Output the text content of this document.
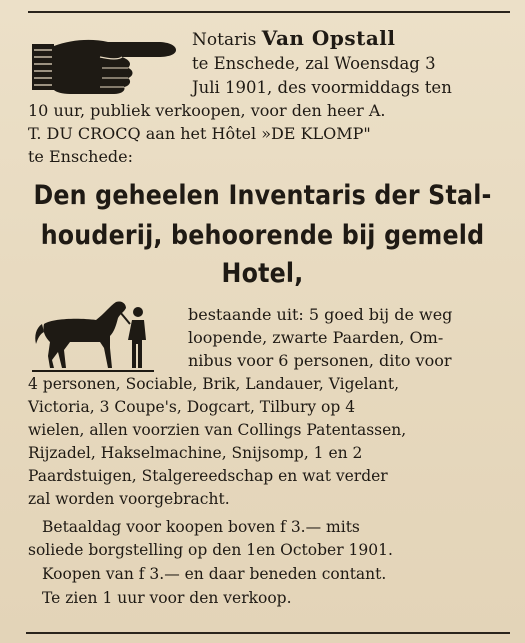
Notaris Van Opstall
te Enschede, zal Woensdag 3
Juli 1901, des voormiddags ten
10 uur, publiek verkoopen, voor den heer A.
T. DU CROCQ aan het Hôtel »DE KLOMP"
te Enschede:
Den geheelen Inventaris der Stal-
houderij, behoorende bij gemeld
Hotel,
bestaande uit: 5 goed bij de weg
loopende, zwarte Paarden, Om-
nibus voor 6 personen, dito voor
4 personen, Sociable, Brik, Landauer, Vigelant,
Victoria, 3 Coupe's, Dogcart, Tilbury op 4
wielen, allen voorzien van Collings Patentassen,
Rijzadel, Hakselmachine, Snijsomp, 1 en 2
Paardstuigen, Stalgereedschap en wat verder
zal worden voorgebracht.
Betaaldag voor koopen boven f 3.— mits
soliede borgstelling op den 1en October 1901.
Koopen van f 3.— en daar beneden contant.
Te zien 1 uur voor den verkoop.
